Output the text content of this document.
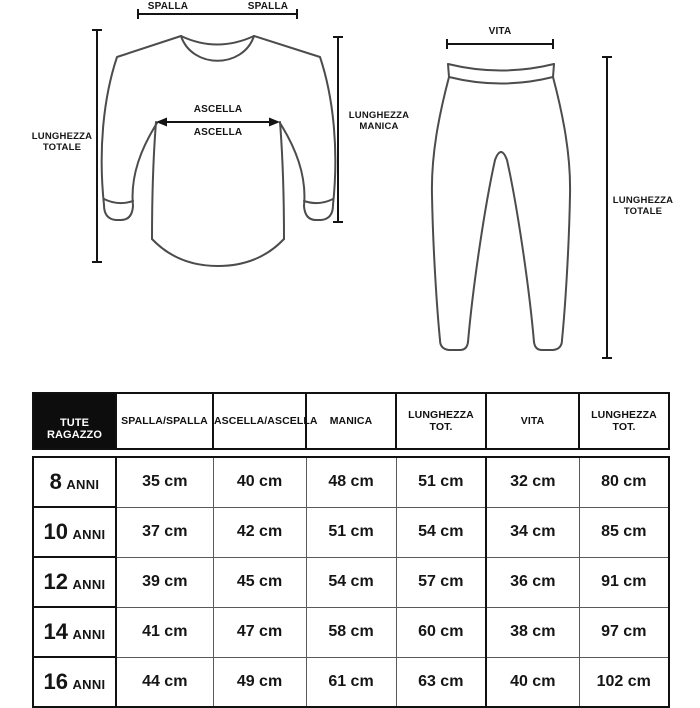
SPALLA	SPALLA
ASCELLA
ASCELLA
LUNGHEZZA
TOTALE
LUNGHEZZA
MANICA
VITA
LUNGHEZZA
TOTALE
TUTE RAGAZZO	SPALLA/SPALLA	ASCELLA/ASCELLA	MANICA	LUNGHEZZA TOT.	VITA	LUNGHEZZA TOT.
8 ANNI	35 cm	40 cm	48 cm	51 cm	32 cm	80 cm
10 ANNI	37 cm	42 cm	51 cm	54 cm	34 cm	85 cm
12 ANNI	39 cm	45 cm	54 cm	57 cm	36 cm	91 cm
14 ANNI	41 cm	47 cm	58 cm	60 cm	38 cm	97 cm
16 ANNI	44 cm	49 cm	61 cm	63 cm	40 cm	102 cm
